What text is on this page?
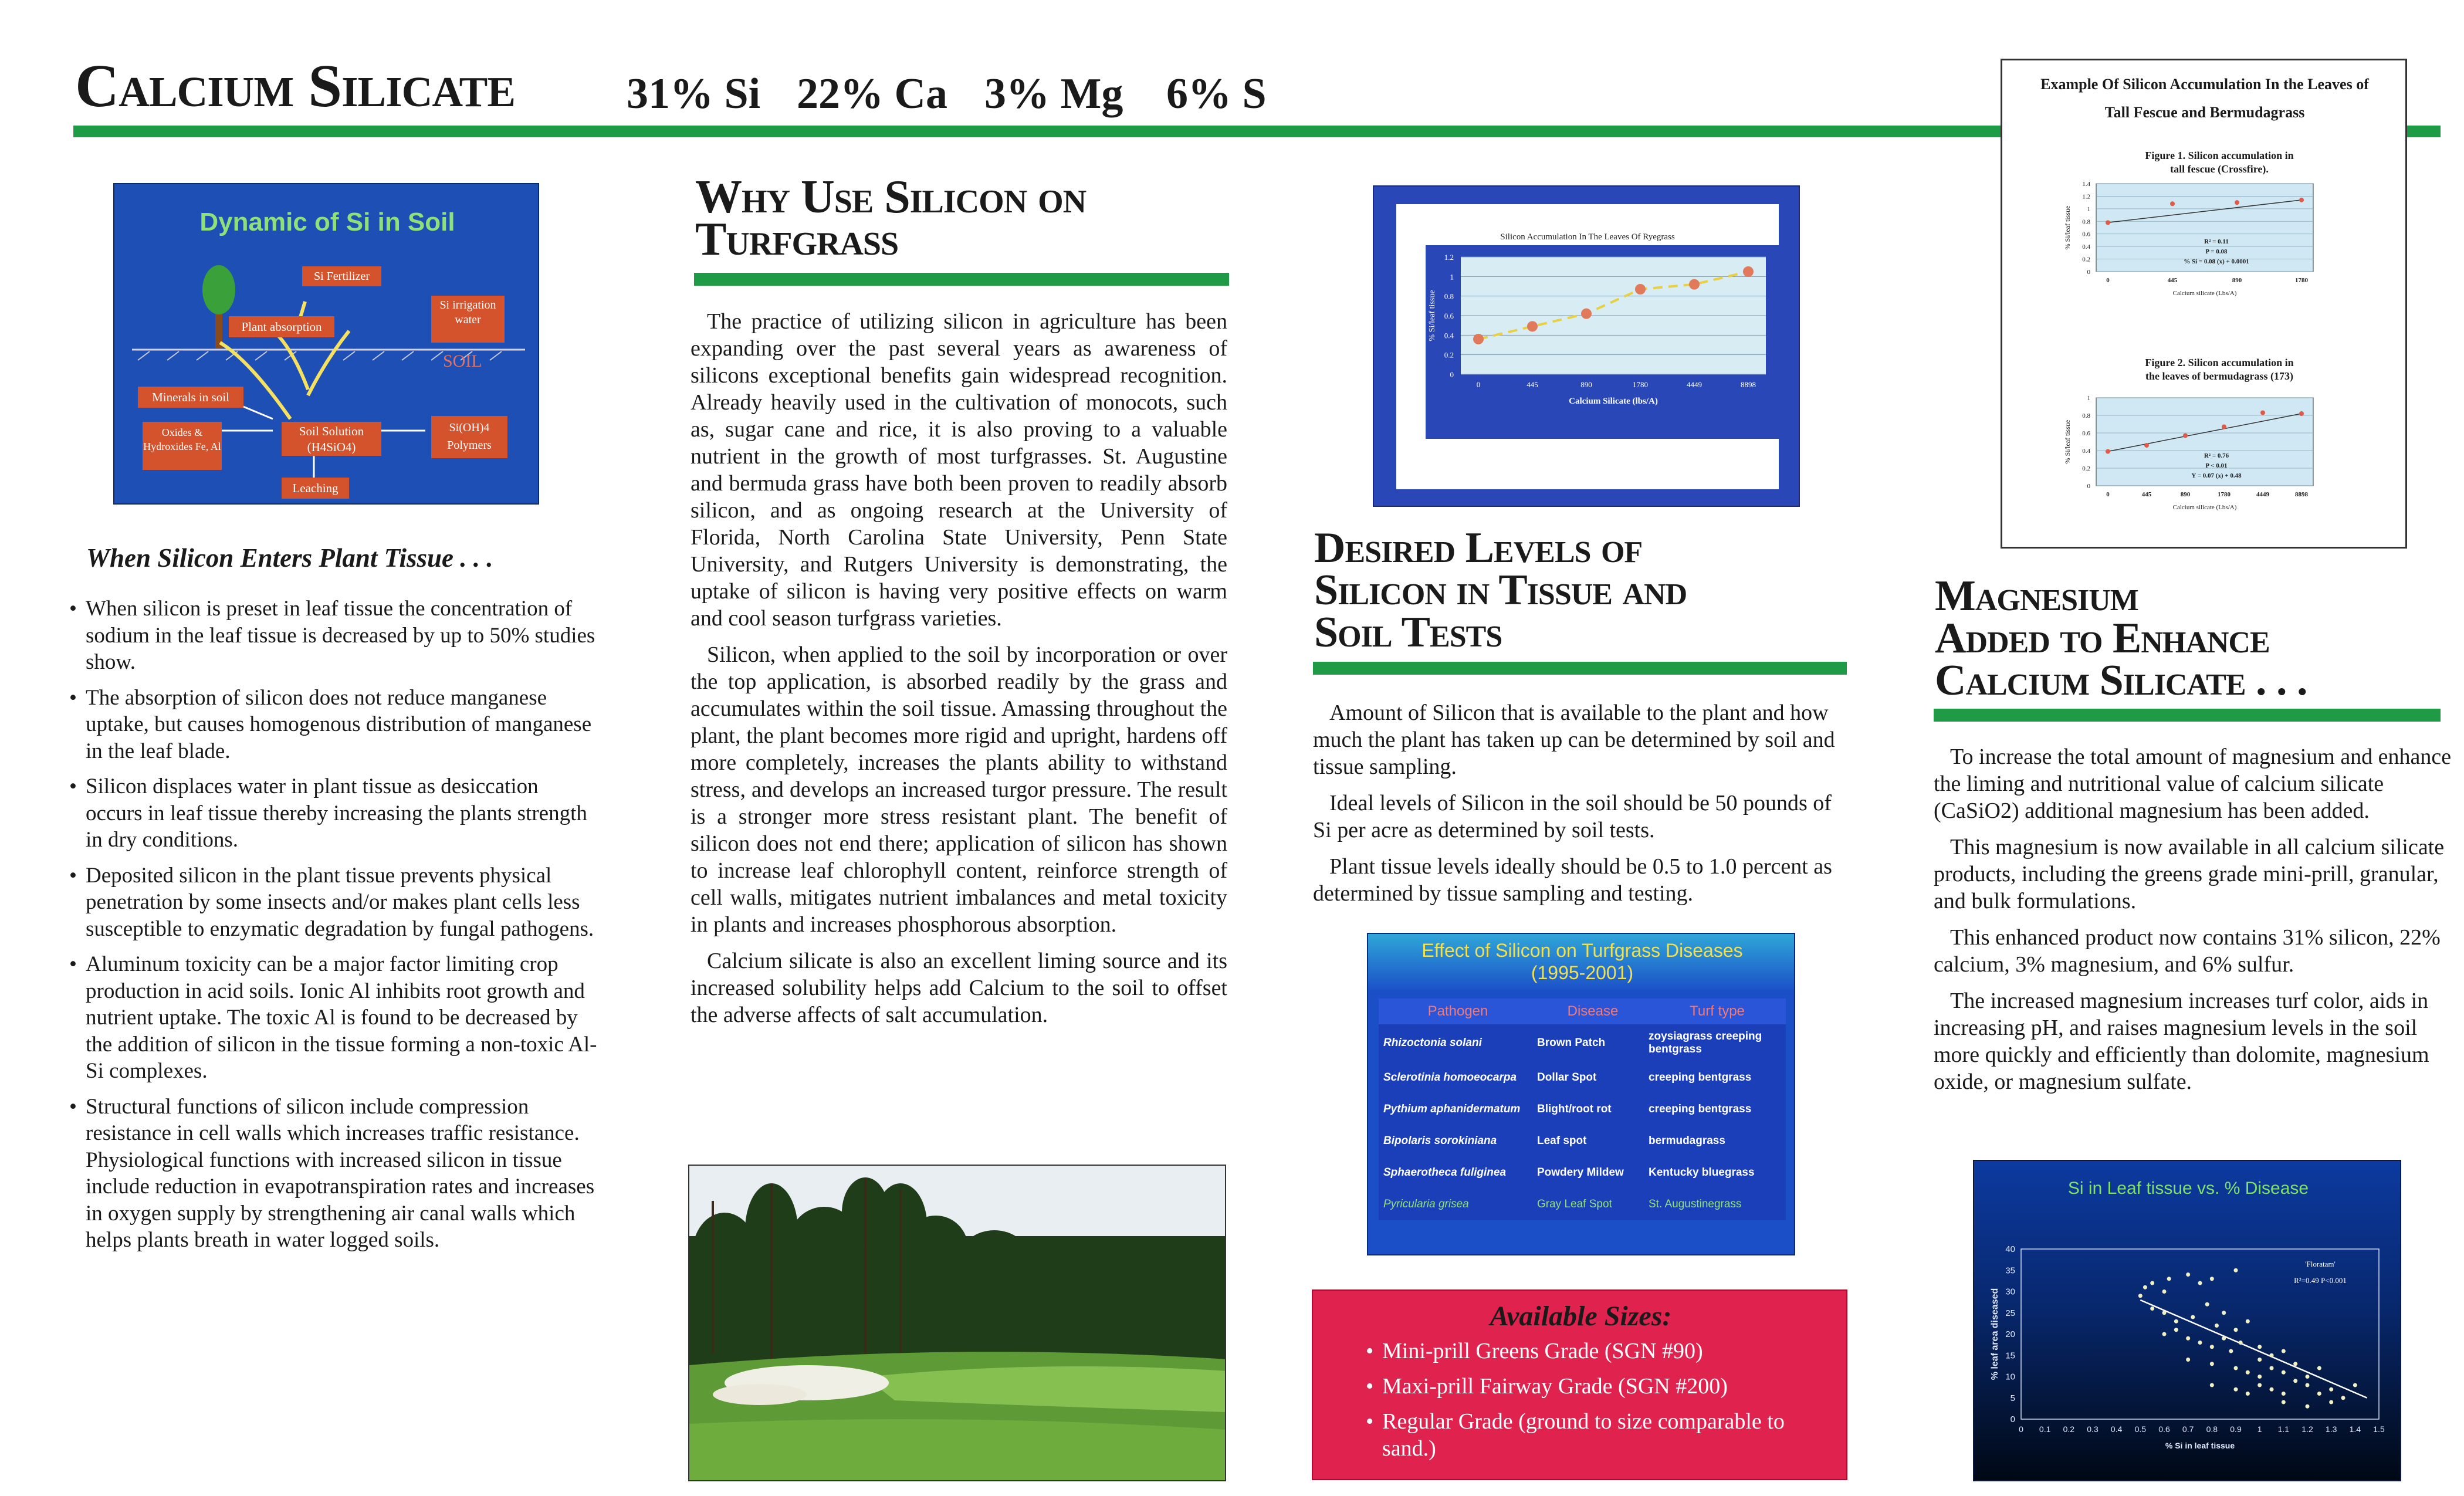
Calcium Silicate	31% Si 22% Ca 3% Mg 6% S
Dynamic of Si in Soil
Si Fertilizer
Plant absorption
Si irrigation water
SOIL
Minerals in soil
Oxides & Hydroxides Fe, Al
Soil Solution (H4SiO4)
Si(OH)4 Polymers
Leaching
When Silicon Enters Plant Tissue . . .
• When silicon is preset in leaf tissue the concentration of sodium in the leaf tissue is decreased by up to 50% studies show.
• The absorption of silicon does not reduce manganese uptake, but causes homogenous distribution of manganese in the leaf blade.
• Silicon displaces water in plant tissue as desiccation occurs in leaf tissue thereby increasing the plants strength in dry conditions.
• Deposited silicon in the plant tissue prevents physical penetration by some insects and/or makes plant cells less susceptible to enzymatic degradation by fungal pathogens.
• Aluminum toxicity can be a major factor limiting crop production in acid soils. Ionic Al inhibits root growth and nutrient uptake. The toxic Al is found to be decreased by the addition of silicon in the tissue forming a non-toxic Al-Si complexes.
• Structural functions of silicon include compression resistance in cell walls which increases traffic resistance. Physiological functions with increased silicon in tissue include reduction in evapotranspiration rates and increases in oxygen supply by strengthening air canal walls which helps plants breath in water logged soils.
Why Use Silicon on
Turfgrass

The practice of utilizing silicon in agriculture has been expanding over the past several years as awareness of silicons exceptional benefits gain widespread recognition. Already heavily used in the cultivation of monocots, such as, sugar cane and rice, it is also proving to a valuable nutrient in the growth of most turfgrasses. St. Augustine and bermuda grass have both been proven to readily absorb silicon, and as ongoing research at the University of Florida, North Carolina State University, Penn State University, and Rutgers University is demonstrating, the uptake of silicon is having very positive effects on warm and cool season turfgrass varieties.

Silicon, when applied to the soil by incorporation or over the top application, is absorbed readily by the grass and accumulates within the soil tissue. Amassing throughout the plant, the plant becomes more rigid and upright, hardens off more completely, increases the plants ability to withstand stress, and develops an increased turgor pressure. The result is a stronger more stress resistant plant. The benefit of silicon does not end there; application of silicon has shown to increase leaf chlorophyll content, reinforce strength of cell walls, mitigates nutrient imbalances and metal toxicity in plants and increases phosphorous absorption.

Calcium silicate is also an excellent liming source and its increased solubility helps add Calcium to the soil to offset the adverse affects of salt accumulation.

Silicon Accumulation In The Leaves Of Ryegrass
1.2
1
0.8
0.6
0.4
0.2
0
0	445	890	1780	4449	8898
Calcium Silicate (lbs/A)
% Si/leaf tissue
Desired Levels of
Silicon in Tissue and
Soil Tests

Amount of Silicon that is available to the plant and how much the plant has taken up can be determined by soil and tissue sampling.

Ideal levels of Silicon in the soil should be 50 pounds of Si per acre as determined by soil tests.

Plant tissue levels ideally should be 0.5 to 1.0 percent as determined by tissue sampling and testing.

Effect of Silicon on Turfgrass Diseases
(1995-2001)
Pathogen	Disease	Turf type
Rhizoctonia solani	Brown Patch	zoysiagrass creeping bentgrass
Sclerotinia homoeocarpa	Dollar Spot	creeping bentgrass
Pythium aphanidermatum	Blight/root rot	creeping bentgrass
Bipolaris sorokiniana	Leaf spot	bermudagrass
Sphaerotheca fuliginea	Powdery Mildew	Kentucky bluegrass
Pyricularia grisea	Gray Leaf Spot	St. Augustinegrass
Available Sizes:
• Mini-prill Greens Grade (SGN #90)
• Maxi-prill Fairway Grade (SGN #200)
• Regular Grade (ground to size comparable to sand.)
Example Of Silicon Accumulation In the Leaves of
Tall Fescue and Bermudagrass
Figure 1. Silicon accumulation in
tall fescue (Crossfire).
1.4
1.2
1
0.8
0.6
0.4
0.2
0
0	445	890	1780
Calcium silicate (Lbs/A)
% Si/leaf tissue	R² = 0.11
P = 0.08
% Si = 0.08 (x) + 0.0001
Figure 2. Silicon accumulation in
the leaves of bermudagrass (173)
1
0.8
0.6
0.4
0.2
0
0	445	890	1780	4449	8898
Calcium silicate (Lbs/A)
% Si/leaf tissue	R² = 0.76
P < 0.01
Y = 0.07 (x) + 0.48
Magnesium
Added to Enhance
Calcium Silicate . . .

To increase the total amount of magnesium and enhance the liming and nutritional value of calcium silicate (CaSiO2) additional magnesium has been added.

This magnesium is now available in all calcium silicate products, including the greens grade mini-prill, granular, and bulk formulations.

This enhanced product now contains 31% silicon, 22% calcium, 3% magnesium, and 6% sulfur.

The increased magnesium increases turf color, aids in increasing pH, and raises magnesium levels in the soil more quickly and efficiently than dolomite, magnesium oxide, or magnesium sulfate.

Si in Leaf tissue vs. % Disease
40
35
30
25
20
15
10
5
0
0 0.1 0.2 0.3 0.4 0.5 0.6 0.7 0.8 0.9 1 1.1 1.2 1.3 1.4 1.5
% Si in leaf tissue
% leaf area diseased
'Floratam'
R²=0.49 P<0.001
